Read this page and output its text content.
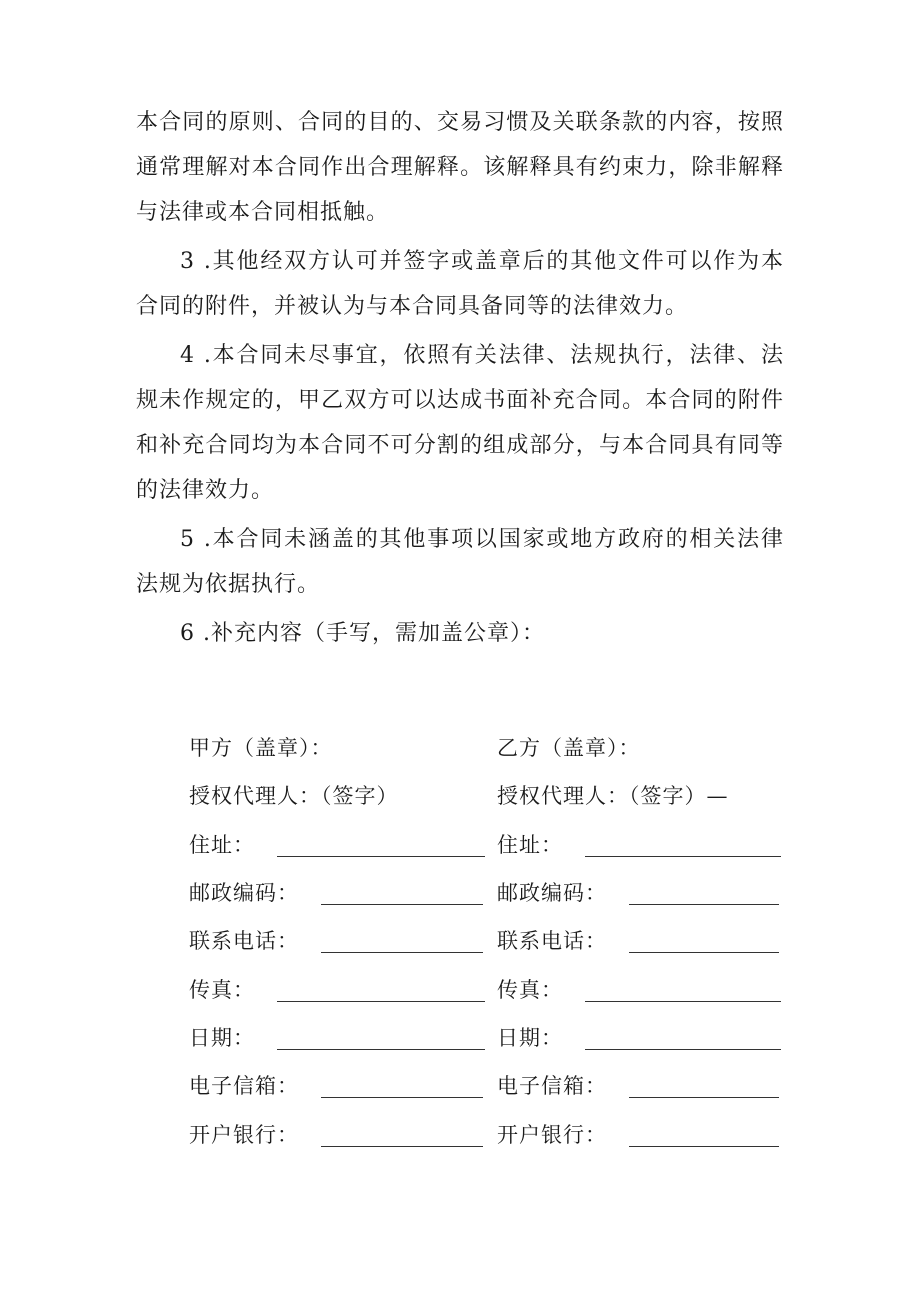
本合同的原则、合同的目的、交易习惯及关联条款的内容，按照通常理解对本合同作出合理解释。该解释具有约束力，除非解释与法律或本合同相抵触。

3 .其他经双方认可并签字或盖章后的其他文件可以作为本合同的附件，并被认为与本合同具备同等的法律效力。

4 .本合同未尽事宜，依照有关法律、法规执行，法律、法规未作规定的，甲乙双方可以达成书面补充合同。本合同的附件和补充合同均为本合同不可分割的组成部分，与本合同具有同等的法律效力。

5 .本合同未涵盖的其他事项以国家或地方政府的相关法律法规为依据执行。

6 .补充内容（手写，需加盖公章）：

甲方（盖章）：	乙方（盖章）：
授权代理人：（签字）	授权代理人：（签字）—
住址：	住址：
邮政编码：	邮政编码：
联系电话：	联系电话：
传真：	传真：
日期：	日期：
电子信箱：	电子信箱：
开户银行：	开户银行：
